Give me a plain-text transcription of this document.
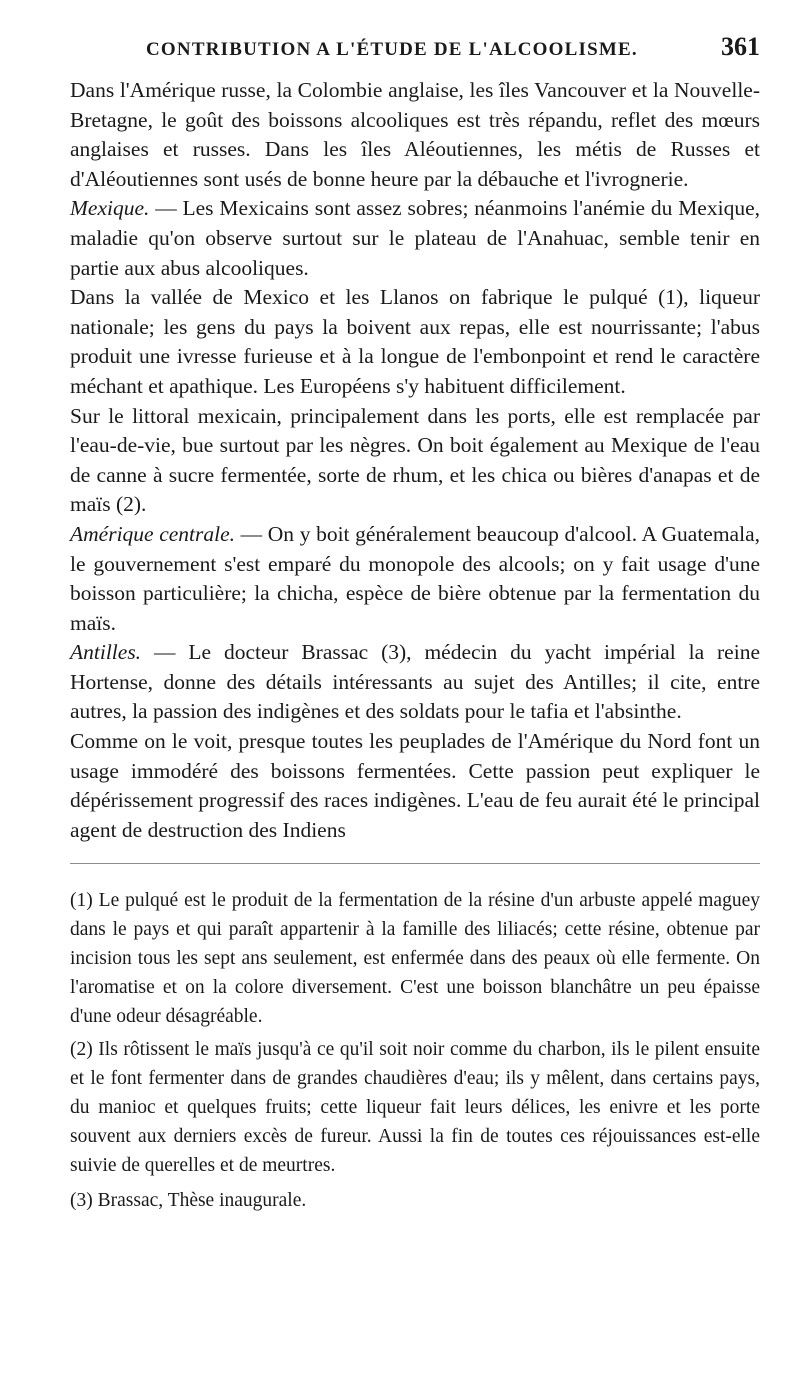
CONTRIBUTION A L'ÉTUDE DE L'ALCOOLISME.	361

Dans l'Amérique russe, la Colombie anglaise, les îles Vancouver et la Nouvelle-Bretagne, le goût des boissons alcooliques est très répandu, reflet des mœurs anglaises et russes. Dans les îles Aléoutiennes, les métis de Russes et d'Aléoutiennes sont usés de bonne heure par la débauche et l'ivrognerie.

Mexique. — Les Mexicains sont assez sobres; néanmoins l'anémie du Mexique, maladie qu'on observe surtout sur le plateau de l'Anahuac, semble tenir en partie aux abus alcooliques.

Dans la vallée de Mexico et les Llanos on fabrique le pulqué (1), liqueur nationale; les gens du pays la boivent aux repas, elle est nourrissante; l'abus produit une ivresse furieuse et à la longue de l'embonpoint et rend le caractère méchant et apathique. Les Européens s'y habituent difficilement.

Sur le littoral mexicain, principalement dans les ports, elle est remplacée par l'eau-de-vie, bue surtout par les nègres. On boit également au Mexique de l'eau de canne à sucre fermentée, sorte de rhum, et les chica ou bières d'anapas et de maïs (2).

Amérique centrale. — On y boit généralement beaucoup d'alcool. A Guatemala, le gouvernement s'est emparé du monopole des alcools; on y fait usage d'une boisson particulière; la chicha, espèce de bière obtenue par la fermentation du maïs.

Antilles. — Le docteur Brassac (3), médecin du yacht impérial la reine Hortense, donne des détails intéressants au sujet des Antilles; il cite, entre autres, la passion des indigènes et des soldats pour le tafia et l'absinthe.

Comme on le voit, presque toutes les peuplades de l'Amérique du Nord font un usage immodéré des boissons fermentées. Cette passion peut expliquer le dépérissement progressif des races indigènes. L'eau de feu aurait été le principal agent de destruction des Indiens

(1) Le pulqué est le produit de la fermentation de la résine d'un arbuste appelé maguey dans le pays et qui paraît appartenir à la famille des liliacés; cette résine, obtenue par incision tous les sept ans seulement, est enfermée dans des peaux où elle fermente. On l'aromatise et on la colore diversement. C'est une boisson blanchâtre un peu épaisse d'une odeur désagréable.

(2) Ils rôtissent le maïs jusqu'à ce qu'il soit noir comme du charbon, ils le pilent ensuite et le font fermenter dans de grandes chaudières d'eau; ils y mêlent, dans certains pays, du manioc et quelques fruits; cette liqueur fait leurs délices, les enivre et les porte souvent aux derniers excès de fureur. Aussi la fin de toutes ces réjouissances est-elle suivie de querelles et de meurtres.

(3) Brassac, Thèse inaugurale.
